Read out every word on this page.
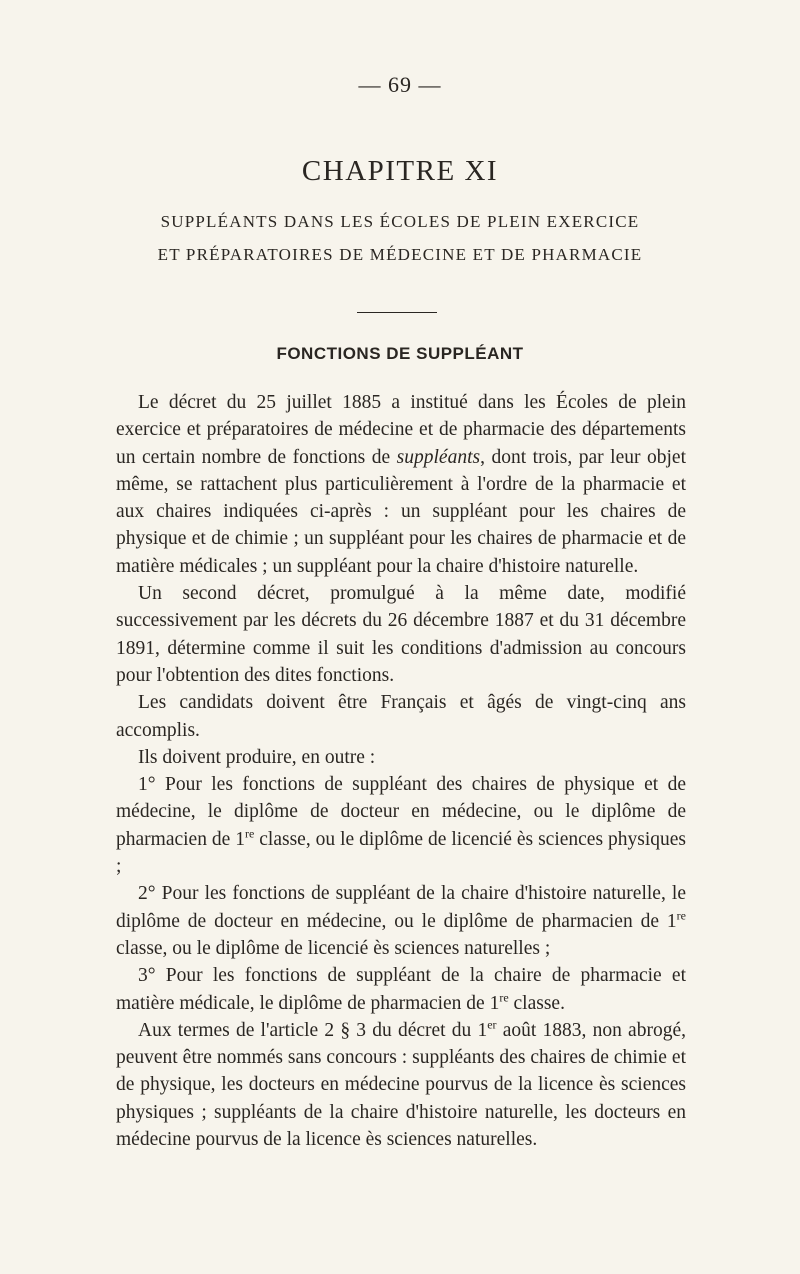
— 69 —
CHAPITRE XI
SUPPLÉANTS DANS LES ÉCOLES DE PLEIN EXERCICE
ET PRÉPARATOIRES DE MÉDECINE ET DE PHARMACIE
FONCTIONS DE SUPPLÉANT

Le décret du 25 juillet 1885 a institué dans les Écoles de plein exercice et préparatoires de médecine et de pharmacie des départements un certain nombre de fonctions de suppléants, dont trois, par leur objet même, se rattachent plus particulièrement à l'ordre de la pharmacie et aux chaires indiquées ci-après : un suppléant pour les chaires de physique et de chimie ; un suppléant pour les chaires de pharmacie et de matière médicales ; un suppléant pour la chaire d'histoire naturelle.

Un second décret, promulgué à la même date, modifié successivement par les décrets du 26 décembre 1887 et du 31 décembre 1891, détermine comme il suit les conditions d'admission au concours pour l'obtention des dites fonctions.

Les candidats doivent être Français et âgés de vingt-cinq ans accomplis.

Ils doivent produire, en outre :

1° Pour les fonctions de suppléant des chaires de physique et de médecine, le diplôme de docteur en médecine, ou le diplôme de pharmacien de 1re classe, ou le diplôme de licencié ès sciences physiques ;

2° Pour les fonctions de suppléant de la chaire d'histoire naturelle, le diplôme de docteur en médecine, ou le diplôme de pharmacien de 1re classe, ou le diplôme de licencié ès sciences naturelles ;

3° Pour les fonctions de suppléant de la chaire de pharmacie et matière médicale, le diplôme de pharmacien de 1re classe.

Aux termes de l'article 2 § 3 du décret du 1er août 1883, non abrogé, peuvent être nommés sans concours : suppléants des chaires de chimie et de physique, les docteurs en médecine pourvus de la licence ès sciences physiques ; suppléants de la chaire d'histoire naturelle, les docteurs en médecine pourvus de la licence ès sciences naturelles.
